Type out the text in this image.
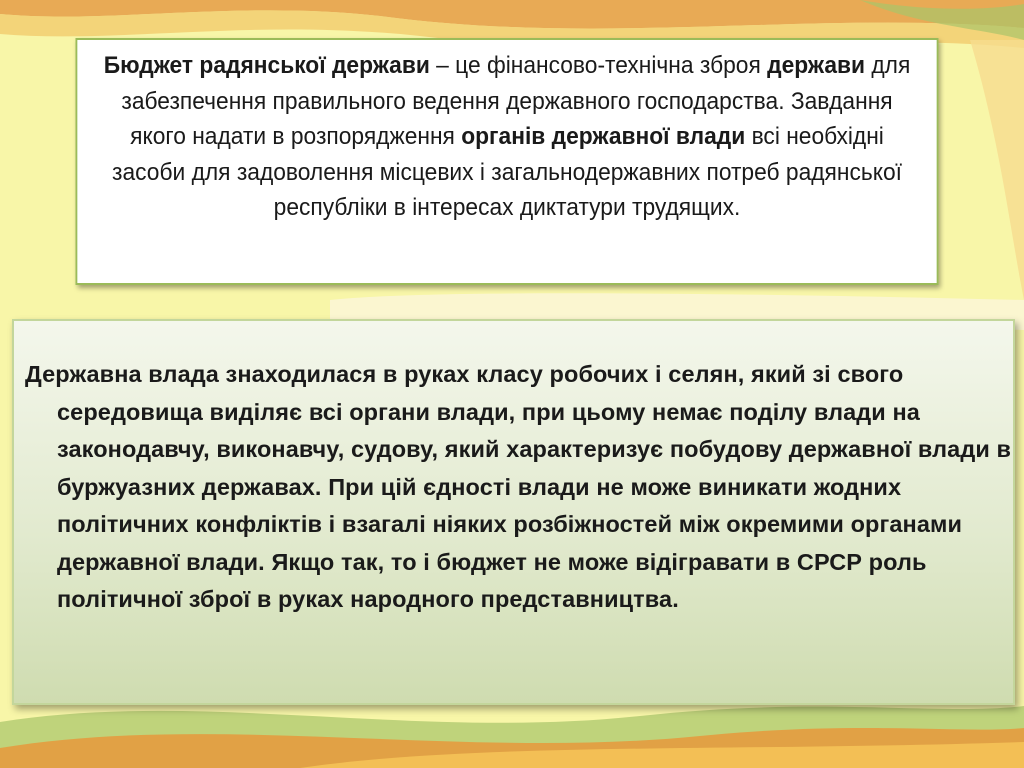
Бюджет радянської держави – це фінансово-технічна зброя держави для забезпечення правильного ведення державного господарства. Завдання якого надати в розпорядження органів державної влади всі необхідні засоби для задоволення місцевих і загальнодержавних потреб радянської республіки в інтересах диктатури трудящих.
Державна влада знаходилася в руках класу робочих і селян, який зі свого середовища виділяє всі органи влади, при цьому немає поділу влади на законодавчу, виконавчу, судову, який характеризує побудову державної влади в буржуазних державах. При цій єдності влади не може виникати жодних політичних конфліктів і взагалі ніяких розбіжностей між окремими органами державної влади. Якщо так, то і бюджет не може відігравати в СРСР роль політичної зброї в руках народного представництва.
